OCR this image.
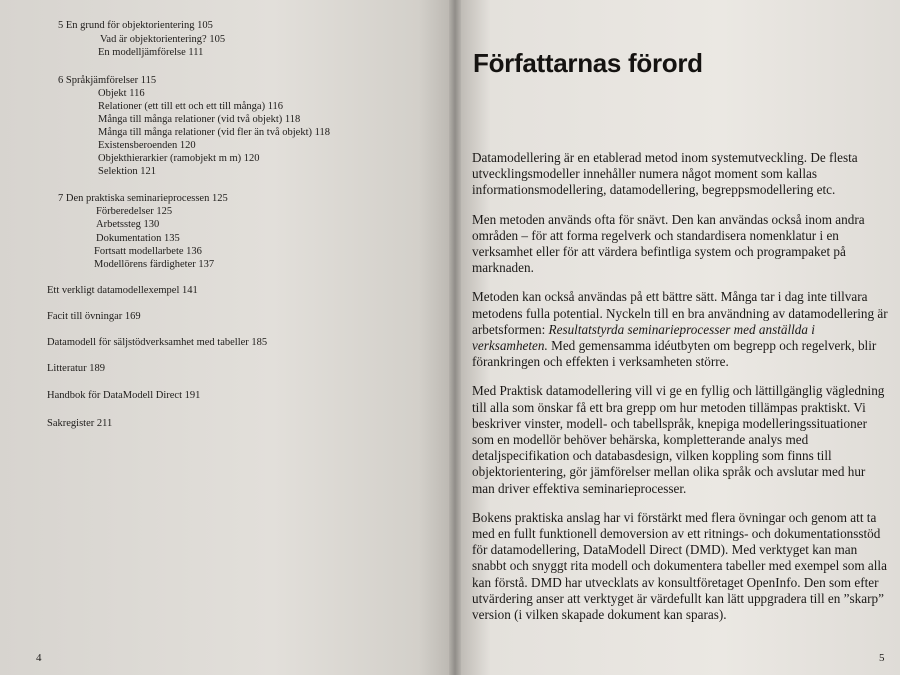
5 En grund för objektorientering 105
Vad är objektorientering? 105
En modelljämförelse 111
6 Språkjämförelser 115
Objekt 116
Relationer (ett till ett och ett till många) 116
Många till många relationer (vid två objekt) 118
Många till många relationer (vid fler än två objekt) 118
Existensberoenden 120
Objekthierarkier (ramobjekt m m) 120
Selektion 121
7 Den praktiska seminarieprocessen 125
Förberedelser 125
Arbetssteg 130
Dokumentation 135
Fortsatt modellarbete 136
Modellörens färdigheter 137
Ett verkligt datamodellexempel 141
Facit till övningar 169
Datamodell för säljstödverksamhet med tabeller 185
Litteratur 189
Handbok för DataModell Direct 191
Sakregister 211
4
Författarnas förord

Datamodellering är en etablerad metod inom systemutveckling. De flesta utvecklingsmodeller innehåller numera något moment som kallas informationsmodellering, datamodellering, begreppsmodellering etc.

Men metoden används ofta för snävt. Den kan användas också inom andra områden – för att forma regelverk och standardisera nomenklatur i en verksamhet eller för att värdera befintliga system och programpaket på marknaden.

Metoden kan också användas på ett bättre sätt. Många tar i dag inte tillvara metodens fulla potential. Nyckeln till en bra användning av datamodellering är arbetsformen: Resultatstyrda seminarieprocesser med anställda i verksamheten. Med gemensamma idéutbyten om begrepp och regelverk, blir förankringen och effekten i verksamheten större.

Med Praktisk datamodellering vill vi ge en fyllig och lättillgänglig vägledning till alla som önskar få ett bra grepp om hur metoden tillämpas praktiskt. Vi beskriver vinster, modell- och tabellspråk, knepiga modelleringssituationer som en modellör behöver behärska, kompletterande analys med detaljspecifikation och databasdesign, vilken koppling som finns till objektorientering, gör jämförelser mellan olika språk och avslutar med hur man driver effektiva seminarieprocesser.

Bokens praktiska anslag har vi förstärkt med flera övningar och genom att ta med en fullt funktionell demoversion av ett ritnings- och dokumentationsstöd för datamodellering, DataModell Direct (DMD). Med verktyget kan man snabbt och snyggt rita modell och dokumentera tabeller med exempel som alla kan förstå. DMD har utvecklats av konsultföretaget OpenInfo. Den som efter utvärdering anser att verktyget är värdefullt kan lätt uppgradera till en ”skarp” version (i vilken skapade dokument kan sparas).

5
